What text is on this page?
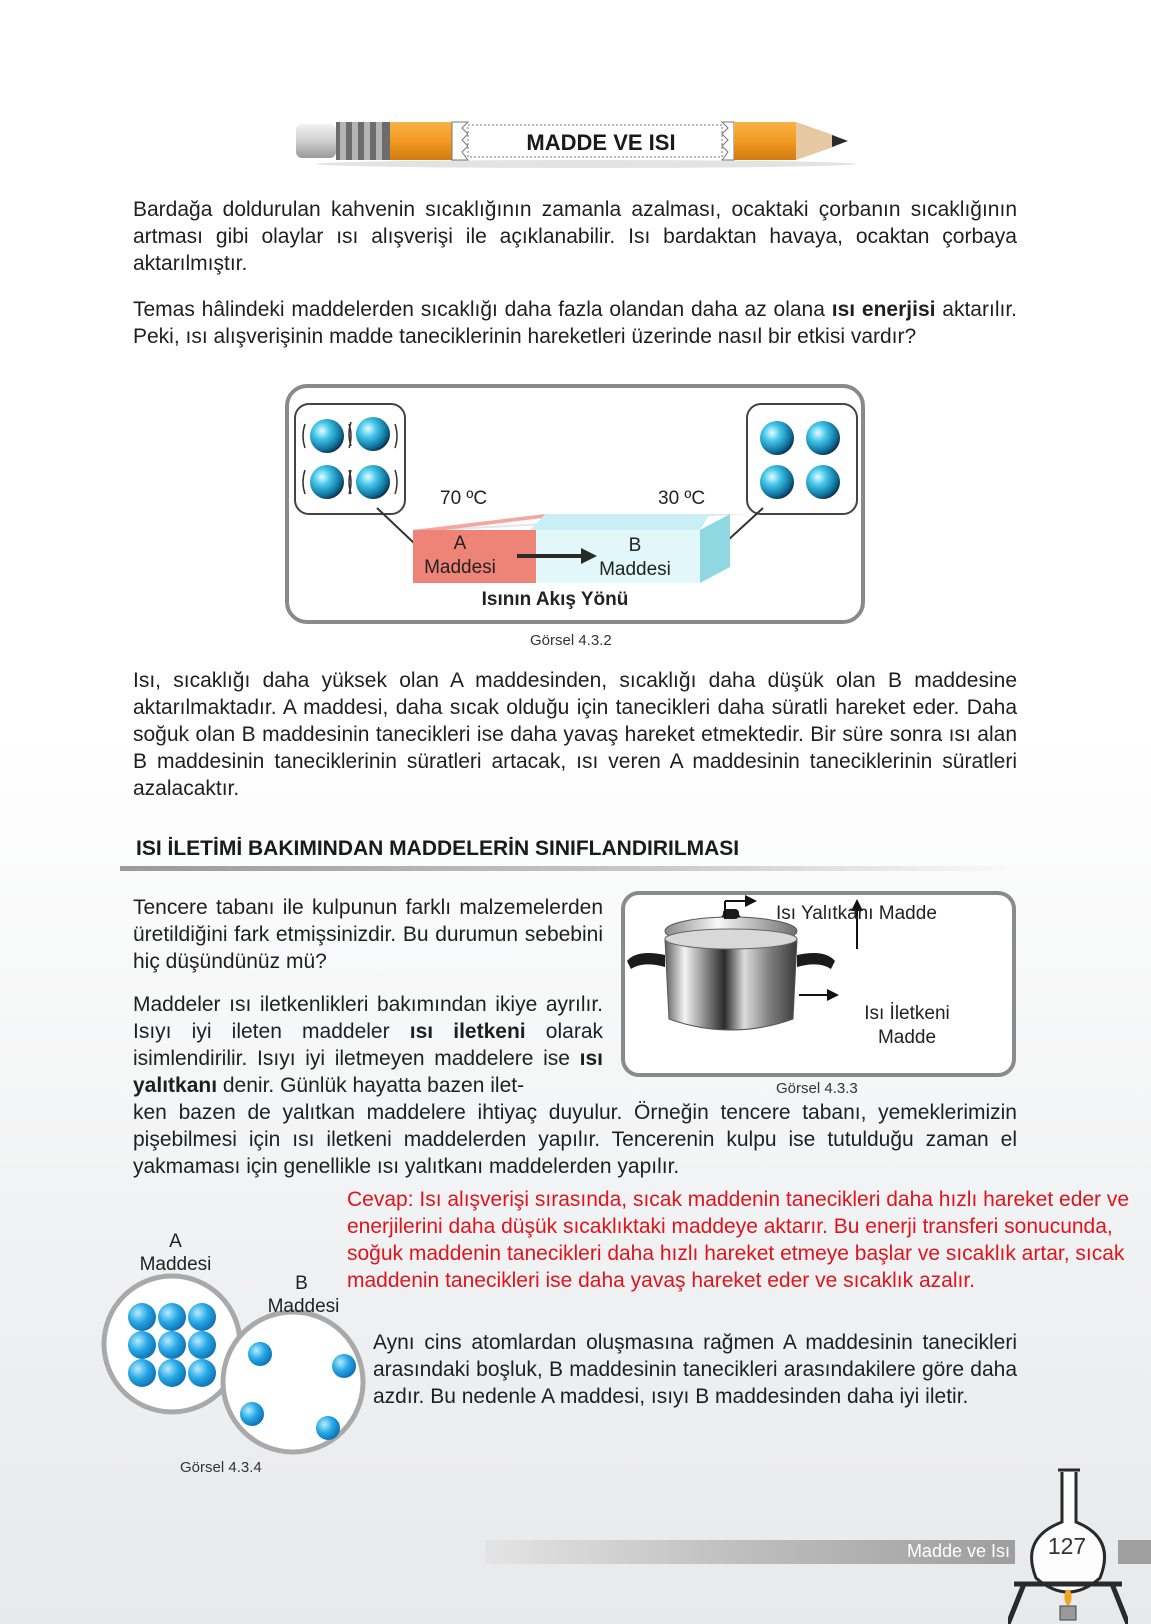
MADDE VE ISI

Bardağa doldurulan kahvenin sıcaklığının zamanla azalması, ocaktaki çorbanın sıcaklığının artması gibi olaylar ısı alışverişi ile açıklanabilir. Isı bardaktan havaya, ocaktan çorbaya aktarılmıştır.

Temas hâlindeki maddelerden sıcaklığı daha fazla olandan daha az olana ısı enerjisi aktarılır. Peki, ısı alışverişinin madde taneciklerinin hareketleri üzerinde nasıl bir etkisi vardır?

70 ºC	30 ºC
A
Maddesi
B
Maddesi
Isının Akış Yönü
Görsel 4.3.2

Isı, sıcaklığı daha yüksek olan A maddesinden, sıcaklığı daha düşük olan B maddesine aktarılmaktadır. A maddesi, daha sıcak olduğu için tanecikleri daha süratli hareket eder. Daha soğuk olan B maddesinin tanecikleri ise daha yavaş hareket etmektedir. Bir süre sonra ısı alan B maddesinin taneciklerinin süratleri artacak, ısı veren A maddesinin taneciklerinin süratleri azalacaktır.

ISI İLETİMİ BAKIMINDAN MADDELERİN SINIFLANDIRILMASI

Tencere tabanı ile kulpunun farklı malzemelerden üretildiğini fark etmişsinizdir. Bu durumun sebebini hiç düşündünüz mü?

Maddeler ısı iletkenlikleri bakımından ikiye ayrılır. Isıyı iyi ileten maddeler ısı iletkeni olarak isimlendirilir. Isıyı iyi iletmeyen maddelere ise ısı yalıtkanı denir. Günlük hayatta bazen ilet-

ken bazen de yalıtkan maddelere ihtiyaç duyulur. Örneğin tencere tabanı, yemeklerimizin pişebilmesi için ısı iletkeni maddelerden yapılır. Tencerenin kulpu ise tutulduğu zaman el yakmaması için genellikle ısı yalıtkanı maddelerden yapılır.

Isı Yalıtkanı Madde
Isı İletkeni
Madde
Görsel 4.3.3

Cevap: Isı alışverişi sırasında, sıcak maddenin tanecikleri daha hızlı hareket eder ve enerjilerini daha düşük sıcaklıktaki maddeye aktarır. Bu enerji transferi sonucunda, soğuk maddenin tanecikleri daha hızlı hareket etmeye başlar ve sıcaklık artar, sıcak maddenin tanecikleri ise daha yavaş hareket eder ve sıcaklık azalır.

A
Maddesi
B
Maddesi
Görsel 4.3.4

Aynı cins atomlardan oluşmasına rağmen A maddesinin tanecikleri arasındaki boşluk, B maddesinin tanecikleri arasındakilere göre daha azdır. Bu nedenle A maddesi, ısıyı B maddesinden daha iyi iletir.

Madde ve Isı	127
